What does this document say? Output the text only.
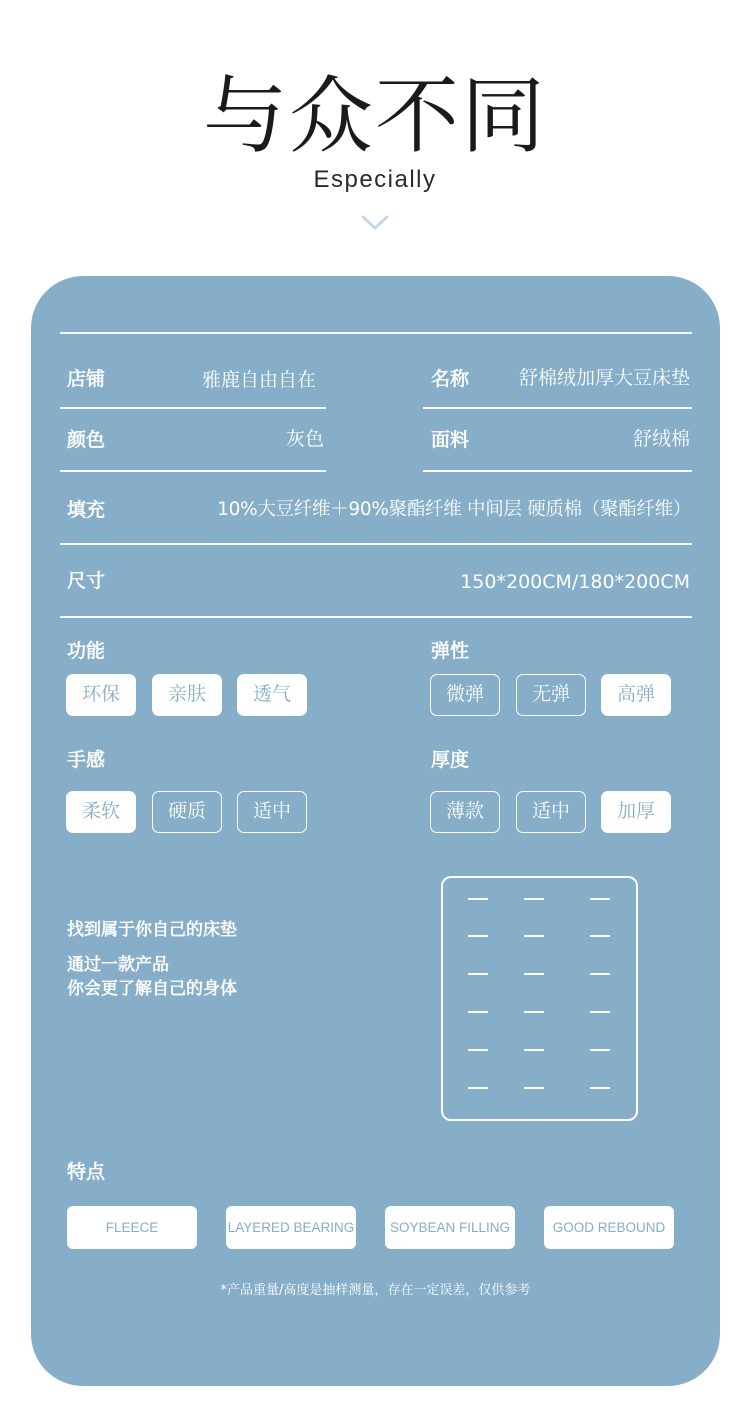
与众不同
Especially
店铺	雅鹿自由自在	名称	舒棉绒加厚大豆床垫
颜色	灰色	面料	舒绒棉
填充	10%大豆纤维＋90%聚酯纤维 中间层 硬质棉（聚酯纤维）
尺寸	150*200CM/180*200CM
功能
环保	亲肤	透气
弹性
微弹	无弹	高弹
手感
柔软	硬质	适中
厚度
薄款	适中	加厚
找到属于你自己的床垫
通过一款产品
你会更了解自己的身体
特点
FLEECE	LAYERED BEARING	SOYBEAN FILLING	GOOD REBOUND
*产品重量/高度是抽样测量，存在一定误差，仅供参考
